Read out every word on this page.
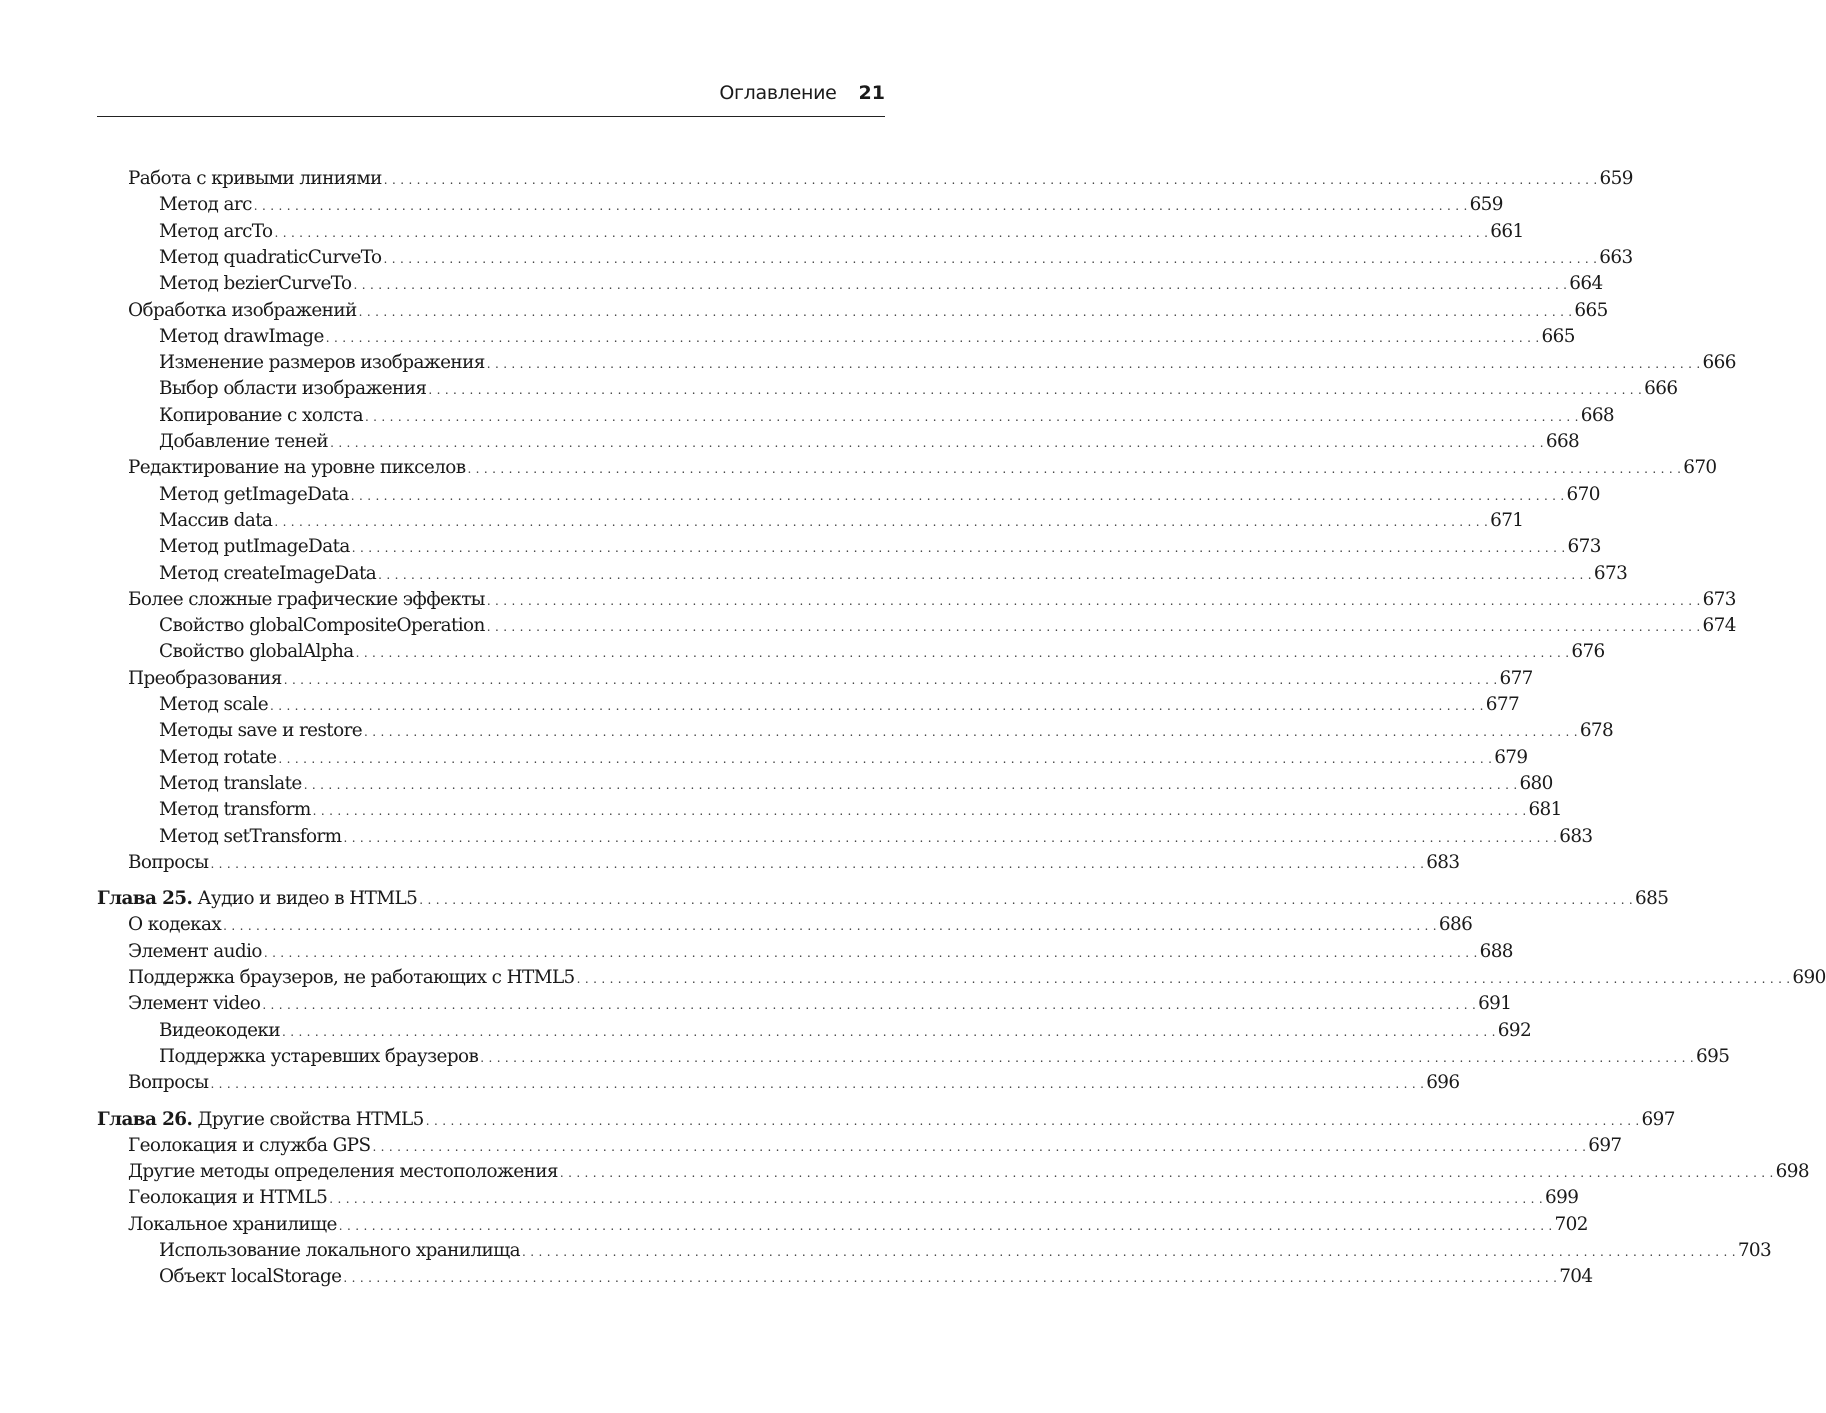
Оглавление 21
Работа с кривыми линиями . . . . . . . . . . . . . . . . . . . . . . . . . . . . . . . . . . . . . . . . . . . . . . . . . . . . . . . . . . . . . . . . . . . . . . . . . . . . . . . . . . . . . . . . . . . . . . . . . . . . . . . . . . . . . . . . . . . . . . . . . . . . . . . . . . . . . . . . . . . . . . . . . . . . 659
Метод arc . . . . . . . . . . . . . . . . . . . . . . . . . . . . . . . . . . . . . . . . . . . . . . . . . . . . . . . . . . . . . . . . . . . . . . . . . . . . . . . . . . . . . . . . . . . . . . . . . . . . . . . . . . . . . . . . . . . . . . . . . . . . . . . . . . . . . . . . . . . . . . . . . . . . 659
Метод arcTo . . . . . . . . . . . . . . . . . . . . . . . . . . . . . . . . . . . . . . . . . . . . . . . . . . . . . . . . . . . . . . . . . . . . . . . . . . . . . . . . . . . . . . . . . . . . . . . . . . . . . . . . . . . . . . . . . . . . . . . . . . . . . . . . . . . . . . . . . . . . . . . . . . . . 661
Метод quadraticCurveTo . . . . . . . . . . . . . . . . . . . . . . . . . . . . . . . . . . . . . . . . . . . . . . . . . . . . . . . . . . . . . . . . . . . . . . . . . . . . . . . . . . . . . . . . . . . . . . . . . . . . . . . . . . . . . . . . . . . . . . . . . . . . . . . . . . . . . . . . . . . . . . . . . . . . 663
Метод bezierCurveTo . . . . . . . . . . . . . . . . . . . . . . . . . . . . . . . . . . . . . . . . . . . . . . . . . . . . . . . . . . . . . . . . . . . . . . . . . . . . . . . . . . . . . . . . . . . . . . . . . . . . . . . . . . . . . . . . . . . . . . . . . . . . . . . . . . . . . . . . . . . . . . . . . . . . 664
Обработка изображений . . . . . . . . . . . . . . . . . . . . . . . . . . . . . . . . . . . . . . . . . . . . . . . . . . . . . . . . . . . . . . . . . . . . . . . . . . . . . . . . . . . . . . . . . . . . . . . . . . . . . . . . . . . . . . . . . . . . . . . . . . . . . . . . . . . . . . . . . . . . . . . . . . . . 665
Метод drawImage . . . . . . . . . . . . . . . . . . . . . . . . . . . . . . . . . . . . . . . . . . . . . . . . . . . . . . . . . . . . . . . . . . . . . . . . . . . . . . . . . . . . . . . . . . . . . . . . . . . . . . . . . . . . . . . . . . . . . . . . . . . . . . . . . . . . . . . . . . . . . . . . . . . . 665
Изменение размеров изображения . . . . . . . . . . . . . . . . . . . . . . . . . . . . . . . . . . . . . . . . . . . . . . . . . . . . . . . . . . . . . . . . . . . . . . . . . . . . . . . . . . . . . . . . . . . . . . . . . . . . . . . . . . . . . . . . . . . . . . . . . . . . . . . . . . . . . . . . . . . . . . . . . . . . 666
Выбор области изображения . . . . . . . . . . . . . . . . . . . . . . . . . . . . . . . . . . . . . . . . . . . . . . . . . . . . . . . . . . . . . . . . . . . . . . . . . . . . . . . . . . . . . . . . . . . . . . . . . . . . . . . . . . . . . . . . . . . . . . . . . . . . . . . . . . . . . . . . . . . . . . . . . . . . 666
Копирование с холста . . . . . . . . . . . . . . . . . . . . . . . . . . . . . . . . . . . . . . . . . . . . . . . . . . . . . . . . . . . . . . . . . . . . . . . . . . . . . . . . . . . . . . . . . . . . . . . . . . . . . . . . . . . . . . . . . . . . . . . . . . . . . . . . . . . . . . . . . . . . . . . . . . . . 668
Добавление теней . . . . . . . . . . . . . . . . . . . . . . . . . . . . . . . . . . . . . . . . . . . . . . . . . . . . . . . . . . . . . . . . . . . . . . . . . . . . . . . . . . . . . . . . . . . . . . . . . . . . . . . . . . . . . . . . . . . . . . . . . . . . . . . . . . . . . . . . . . . . . . . . . . . . 668
Редактирование на уровне пикселов . . . . . . . . . . . . . . . . . . . . . . . . . . . . . . . . . . . . . . . . . . . . . . . . . . . . . . . . . . . . . . . . . . . . . . . . . . . . . . . . . . . . . . . . . . . . . . . . . . . . . . . . . . . . . . . . . . . . . . . . . . . . . . . . . . . . . . . . . . . . . . . . . . . . 670
Метод getImageData . . . . . . . . . . . . . . . . . . . . . . . . . . . . . . . . . . . . . . . . . . . . . . . . . . . . . . . . . . . . . . . . . . . . . . . . . . . . . . . . . . . . . . . . . . . . . . . . . . . . . . . . . . . . . . . . . . . . . . . . . . . . . . . . . . . . . . . . . . . . . . . . . . . . 670
Массив data . . . . . . . . . . . . . . . . . . . . . . . . . . . . . . . . . . . . . . . . . . . . . . . . . . . . . . . . . . . . . . . . . . . . . . . . . . . . . . . . . . . . . . . . . . . . . . . . . . . . . . . . . . . . . . . . . . . . . . . . . . . . . . . . . . . . . . . . . . . . . . . . . . . . 671
Метод putImageData . . . . . . . . . . . . . . . . . . . . . . . . . . . . . . . . . . . . . . . . . . . . . . . . . . . . . . . . . . . . . . . . . . . . . . . . . . . . . . . . . . . . . . . . . . . . . . . . . . . . . . . . . . . . . . . . . . . . . . . . . . . . . . . . . . . . . . . . . . . . . . . . . . . . 673
Метод createImageData . . . . . . . . . . . . . . . . . . . . . . . . . . . . . . . . . . . . . . . . . . . . . . . . . . . . . . . . . . . . . . . . . . . . . . . . . . . . . . . . . . . . . . . . . . . . . . . . . . . . . . . . . . . . . . . . . . . . . . . . . . . . . . . . . . . . . . . . . . . . . . . . . . . . 673
Более сложные графические эффекты . . . . . . . . . . . . . . . . . . . . . . . . . . . . . . . . . . . . . . . . . . . . . . . . . . . . . . . . . . . . . . . . . . . . . . . . . . . . . . . . . . . . . . . . . . . . . . . . . . . . . . . . . . . . . . . . . . . . . . . . . . . . . . . . . . . . . . . . . . . . . . . . . . . . 673
Свойство globalCompositeOperation . . . . . . . . . . . . . . . . . . . . . . . . . . . . . . . . . . . . . . . . . . . . . . . . . . . . . . . . . . . . . . . . . . . . . . . . . . . . . . . . . . . . . . . . . . . . . . . . . . . . . . . . . . . . . . . . . . . . . . . . . . . . . . . . . . . . . . . . . . . . . . . . . . . . 674
Свойство globalAlpha . . . . . . . . . . . . . . . . . . . . . . . . . . . . . . . . . . . . . . . . . . . . . . . . . . . . . . . . . . . . . . . . . . . . . . . . . . . . . . . . . . . . . . . . . . . . . . . . . . . . . . . . . . . . . . . . . . . . . . . . . . . . . . . . . . . . . . . . . . . . . . . . . . . . 676
Преобразования . . . . . . . . . . . . . . . . . . . . . . . . . . . . . . . . . . . . . . . . . . . . . . . . . . . . . . . . . . . . . . . . . . . . . . . . . . . . . . . . . . . . . . . . . . . . . . . . . . . . . . . . . . . . . . . . . . . . . . . . . . . . . . . . . . . . . . . . . . . . . . . . . . . . 677
Метод scale . . . . . . . . . . . . . . . . . . . . . . . . . . . . . . . . . . . . . . . . . . . . . . . . . . . . . . . . . . . . . . . . . . . . . . . . . . . . . . . . . . . . . . . . . . . . . . . . . . . . . . . . . . . . . . . . . . . . . . . . . . . . . . . . . . . . . . . . . . . . . . . . . . . . 677
Методы save и restore . . . . . . . . . . . . . . . . . . . . . . . . . . . . . . . . . . . . . . . . . . . . . . . . . . . . . . . . . . . . . . . . . . . . . . . . . . . . . . . . . . . . . . . . . . . . . . . . . . . . . . . . . . . . . . . . . . . . . . . . . . . . . . . . . . . . . . . . . . . . . . . . . . . . 678
Метод rotate . . . . . . . . . . . . . . . . . . . . . . . . . . . . . . . . . . . . . . . . . . . . . . . . . . . . . . . . . . . . . . . . . . . . . . . . . . . . . . . . . . . . . . . . . . . . . . . . . . . . . . . . . . . . . . . . . . . . . . . . . . . . . . . . . . . . . . . . . . . . . . . . . . . . 679
Метод translate . . . . . . . . . . . . . . . . . . . . . . . . . . . . . . . . . . . . . . . . . . . . . . . . . . . . . . . . . . . . . . . . . . . . . . . . . . . . . . . . . . . . . . . . . . . . . . . . . . . . . . . . . . . . . . . . . . . . . . . . . . . . . . . . . . . . . . . . . . . . . . . . . . . . 680
Метод transform . . . . . . . . . . . . . . . . . . . . . . . . . . . . . . . . . . . . . . . . . . . . . . . . . . . . . . . . . . . . . . . . . . . . . . . . . . . . . . . . . . . . . . . . . . . . . . . . . . . . . . . . . . . . . . . . . . . . . . . . . . . . . . . . . . . . . . . . . . . . . . . . . . . . 681
Метод setTransform . . . . . . . . . . . . . . . . . . . . . . . . . . . . . . . . . . . . . . . . . . . . . . . . . . . . . . . . . . . . . . . . . . . . . . . . . . . . . . . . . . . . . . . . . . . . . . . . . . . . . . . . . . . . . . . . . . . . . . . . . . . . . . . . . . . . . . . . . . . . . . . . . . . . 683
Вопросы . . . . . . . . . . . . . . . . . . . . . . . . . . . . . . . . . . . . . . . . . . . . . . . . . . . . . . . . . . . . . . . . . . . . . . . . . . . . . . . . . . . . . . . . . . . . . . . . . . . . . . . . . . . . . . . . . . . . . . . . . . . . . . . . . . . . . . . . . . . . . . . . . . . . 683
Глава 25. Аудио и видео в HTML5 . . . . . . . . . . . . . . . . . . . . . . . . . . . . . . . . . . . . . . . . . . . . . . . . . . . . . . . . . . . . . . . . . . . . . . . . . . . . . . . . . . . . . . . . . . . . . . . . . . . . . . . . . . . . . . . . . . . . . . . . . . . . . . . . . . . . . . . . . . . . . . . . . . . . 685
О кодеках . . . . . . . . . . . . . . . . . . . . . . . . . . . . . . . . . . . . . . . . . . . . . . . . . . . . . . . . . . . . . . . . . . . . . . . . . . . . . . . . . . . . . . . . . . . . . . . . . . . . . . . . . . . . . . . . . . . . . . . . . . . . . . . . . . . . . . . . . . . . . . . . . . . . 686
Элемент audio . . . . . . . . . . . . . . . . . . . . . . . . . . . . . . . . . . . . . . . . . . . . . . . . . . . . . . . . . . . . . . . . . . . . . . . . . . . . . . . . . . . . . . . . . . . . . . . . . . . . . . . . . . . . . . . . . . . . . . . . . . . . . . . . . . . . . . . . . . . . . . . . . . . . 688
Поддержка браузеров, не работающих с HTML5 . . . . . . . . . . . . . . . . . . . . . . . . . . . . . . . . . . . . . . . . . . . . . . . . . . . . . . . . . . . . . . . . . . . . . . . . . . . . . . . . . . . . . . . . . . . . . . . . . . . . . . . . . . . . . . . . . . . . . . . . . . . . . . . . . . . . . . . . . . . . . . . . . . . . 690
Элемент video . . . . . . . . . . . . . . . . . . . . . . . . . . . . . . . . . . . . . . . . . . . . . . . . . . . . . . . . . . . . . . . . . . . . . . . . . . . . . . . . . . . . . . . . . . . . . . . . . . . . . . . . . . . . . . . . . . . . . . . . . . . . . . . . . . . . . . . . . . . . . . . . . . . . 691
Видеокодеки . . . . . . . . . . . . . . . . . . . . . . . . . . . . . . . . . . . . . . . . . . . . . . . . . . . . . . . . . . . . . . . . . . . . . . . . . . . . . . . . . . . . . . . . . . . . . . . . . . . . . . . . . . . . . . . . . . . . . . . . . . . . . . . . . . . . . . . . . . . . . . . . . . . . 692
Поддержка устаревших браузеров . . . . . . . . . . . . . . . . . . . . . . . . . . . . . . . . . . . . . . . . . . . . . . . . . . . . . . . . . . . . . . . . . . . . . . . . . . . . . . . . . . . . . . . . . . . . . . . . . . . . . . . . . . . . . . . . . . . . . . . . . . . . . . . . . . . . . . . . . . . . . . . . . . . . 695
Вопросы . . . . . . . . . . . . . . . . . . . . . . . . . . . . . . . . . . . . . . . . . . . . . . . . . . . . . . . . . . . . . . . . . . . . . . . . . . . . . . . . . . . . . . . . . . . . . . . . . . . . . . . . . . . . . . . . . . . . . . . . . . . . . . . . . . . . . . . . . . . . . . . . . . . . 696
Глава 26. Другие свойства HTML5 . . . . . . . . . . . . . . . . . . . . . . . . . . . . . . . . . . . . . . . . . . . . . . . . . . . . . . . . . . . . . . . . . . . . . . . . . . . . . . . . . . . . . . . . . . . . . . . . . . . . . . . . . . . . . . . . . . . . . . . . . . . . . . . . . . . . . . . . . . . . . . . . . . . . 697
Геолокация и служба GPS . . . . . . . . . . . . . . . . . . . . . . . . . . . . . . . . . . . . . . . . . . . . . . . . . . . . . . . . . . . . . . . . . . . . . . . . . . . . . . . . . . . . . . . . . . . . . . . . . . . . . . . . . . . . . . . . . . . . . . . . . . . . . . . . . . . . . . . . . . . . . . . . . . . . 697
Другие методы определения местоположения . . . . . . . . . . . . . . . . . . . . . . . . . . . . . . . . . . . . . . . . . . . . . . . . . . . . . . . . . . . . . . . . . . . . . . . . . . . . . . . . . . . . . . . . . . . . . . . . . . . . . . . . . . . . . . . . . . . . . . . . . . . . . . . . . . . . . . . . . . . . . . . . . . . . 698
Геолокация и HTML5 . . . . . . . . . . . . . . . . . . . . . . . . . . . . . . . . . . . . . . . . . . . . . . . . . . . . . . . . . . . . . . . . . . . . . . . . . . . . . . . . . . . . . . . . . . . . . . . . . . . . . . . . . . . . . . . . . . . . . . . . . . . . . . . . . . . . . . . . . . . . . . . . . . . . 699
Локальное хранилище . . . . . . . . . . . . . . . . . . . . . . . . . . . . . . . . . . . . . . . . . . . . . . . . . . . . . . . . . . . . . . . . . . . . . . . . . . . . . . . . . . . . . . . . . . . . . . . . . . . . . . . . . . . . . . . . . . . . . . . . . . . . . . . . . . . . . . . . . . . . . . . . . . . . 702
Использование локального хранилища . . . . . . . . . . . . . . . . . . . . . . . . . . . . . . . . . . . . . . . . . . . . . . . . . . . . . . . . . . . . . . . . . . . . . . . . . . . . . . . . . . . . . . . . . . . . . . . . . . . . . . . . . . . . . . . . . . . . . . . . . . . . . . . . . . . . . . . . . . . . . . . . . . . . 703
Объект localStorage . . . . . . . . . . . . . . . . . . . . . . . . . . . . . . . . . . . . . . . . . . . . . . . . . . . . . . . . . . . . . . . . . . . . . . . . . . . . . . . . . . . . . . . . . . . . . . . . . . . . . . . . . . . . . . . . . . . . . . . . . . . . . . . . . . . . . . . . . . . . . . . . . . . . 704
